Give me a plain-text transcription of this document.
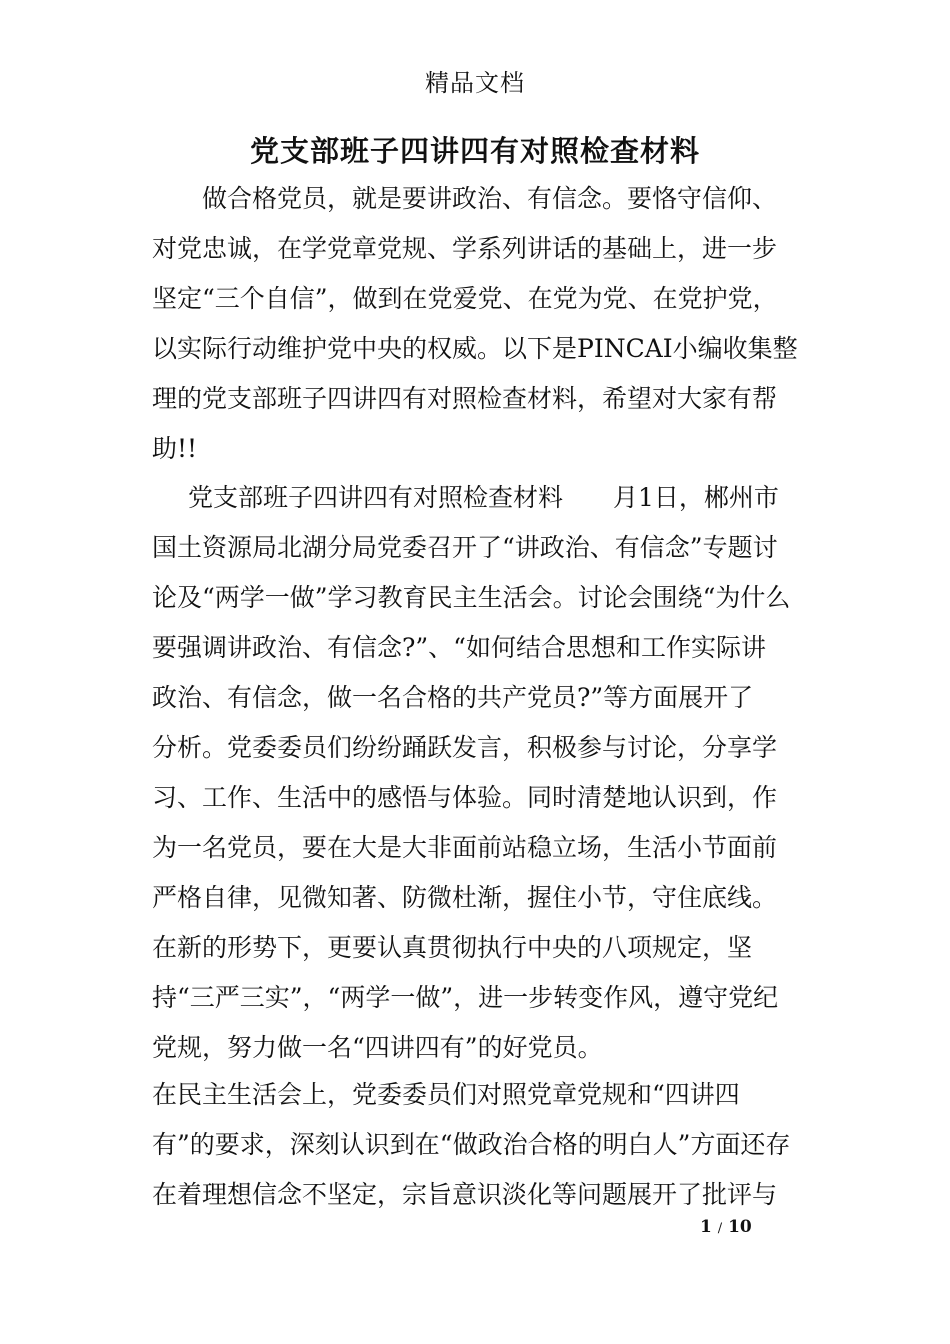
精品文档
党支部班子四讲四有对照检查材料
做合格党员，就是要讲政治、有信念。要恪守信仰、
对党忠诚，在学党章党规、学系列讲话的基础上，进一步
坚定“三个自信”，做到在党爱党、在党为党、在党护党，
以实际行动维护党中央的权威。以下是PINCAI小编收集整
理的党支部班子四讲四有对照检查材料，希望对大家有帮
助!!
党支部班子四讲四有对照检查材料　　月1日，郴州市
国土资源局北湖分局党委召开了“讲政治、有信念”专题讨
论及“两学一做”学习教育民主生活会。讨论会围绕“为什么
要强调讲政治、有信念?”、“如何结合思想和工作实际讲
政治、有信念，做一名合格的共产党员?”等方面展开了
分析。党委委员们纷纷踊跃发言，积极参与讨论，分享学
习、工作、生活中的感悟与体验。同时清楚地认识到，作
为一名党员，要在大是大非面前站稳立场，生活小节面前
严格自律，见微知著、防微杜渐，握住小节，守住底线。
在新的形势下，更要认真贯彻执行中央的八项规定，坚
持“三严三实”，“两学一做”，进一步转变作风，遵守党纪
党规，努力做一名“四讲四有”的好党员。
在民主生活会上，党委委员们对照党章党规和“四讲四
有”的要求，深刻认识到在“做政治合格的明白人”方面还存
在着理想信念不坚定，宗旨意识淡化等问题展开了批评与
1 / 10
